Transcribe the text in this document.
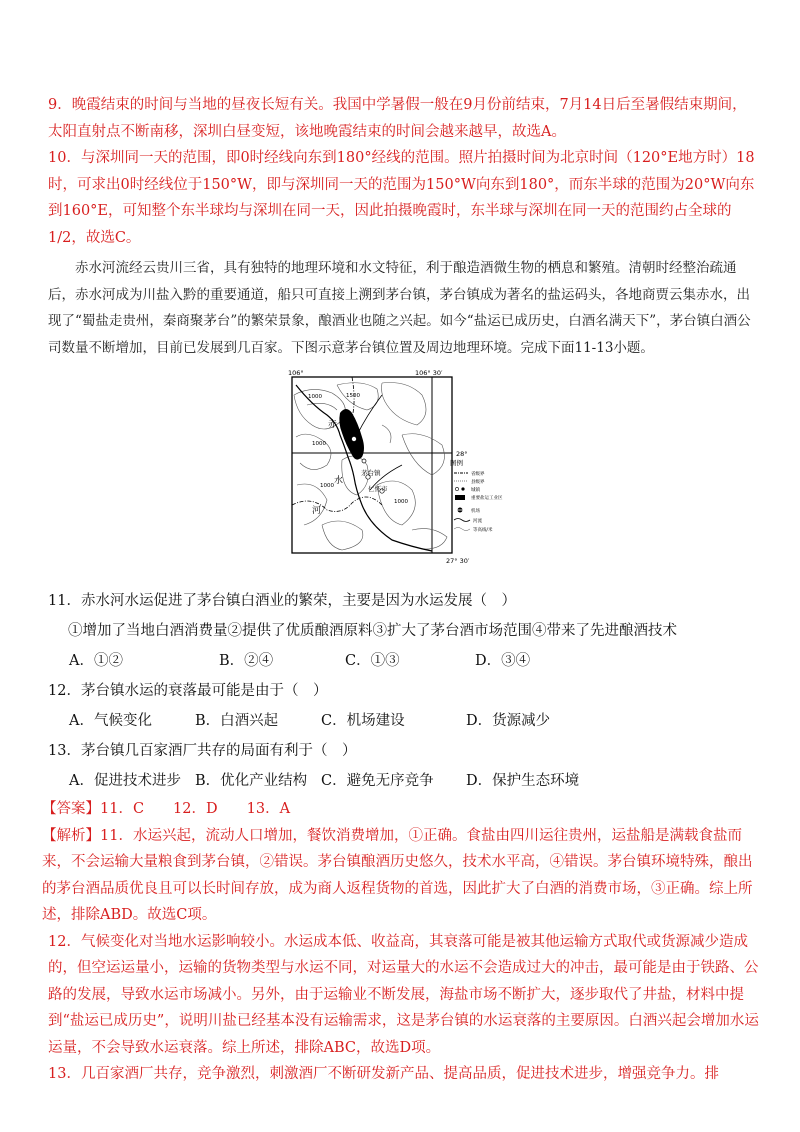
9．晚霞结束的时间与当地的昼夜长短有关。我国中学暑假一般在9月份前结束，7月14日后至暑假结束期间，太阳直射点不断南移，深圳白昼变短，该地晚霞结束的时间会越来越早，故选A。

10．与深圳同一天的范围，即0时经线向东到180°经线的范围。照片拍摄时间为北京时间（120°E地方时）18时，可求出0时经线位于150°W，即与深圳同一天的范围为150°W向东到180°，而东半球的范围为20°W向东到160°E，可知整个东半球均与深圳在同一天，因此拍摄晚霞时，东半球与深圳在同一天的范围约占全球的1/2，故选C。

赤水河流经云贵川三省，具有独特的地理环境和水文特征，利于酿造酒微生物的栖息和繁殖。清朝时经整治疏通后，赤水河成为川盐入黔的重要通道，船只可直接上溯到茅台镇，茅台镇成为著名的盐运码头，各地商贾云集赤水，出现了“蜀盐走贵州，秦商聚茅台”的繁荣景象，酿酒业也随之兴起。如今“盐运已成历史，白酒名满天下”，茅台镇白酒公司数量不断增加，目前已发展到几百家。下图示意茅台镇位置及周边地理环境。完成下面11-13小题。

106°	106° 30′
28°
27° 30′
1000	1500
1000
1000
1000
赤
水
河
茅台镇
仁怀市
图例
省级界
县级界
城镇
重要盐运工业区
机场
河流
等高线/米

11．赤水河水运促进了茅台镇白酒业的繁荣，主要是因为水运发展（　）

①增加了当地白酒消费量②提供了优质酿酒原料③扩大了茅台酒市场范围④带来了先进酿酒技术

A．①②	B．②④	C．①③	D．③④

12．茅台镇水运的衰落最可能是由于（　）

A．气候变化	B．白酒兴起	C．机场建设	D．货源减少

13．茅台镇几百家酒厂共存的局面有利于（　）

A．促进技术进步 B．优化产业结构 C．避免无序竞争	D．保护生态环境

【答案】11．C　　12．D　　13．A

【解析】11．水运兴起，流动人口增加，餐饮消费增加，①正确。食盐由四川运往贵州，运盐船是满载食盐而来，不会运输大量粮食到茅台镇，②错误。茅台镇酿酒历史悠久，技术水平高，④错误。茅台镇环境特殊，酿出的茅台酒品质优良且可以长时间存放，成为商人返程货物的首选，因此扩大了白酒的消费市场，③正确。综上所述，排除ABD。故选C项。

12．气候变化对当地水运影响较小。水运成本低、收益高，其衰落可能是被其他运输方式取代或货源减少造成的，但空运运量小，运输的货物类型与水运不同，对运量大的水运不会造成过大的冲击，最可能是由于铁路、公路的发展，导致水运市场减小。另外，由于运输业不断发展，海盐市场不断扩大，逐步取代了井盐，材料中提到“盐运已成历史”，说明川盐已经基本没有运输需求，这是茅台镇的水运衰落的主要原因。白酒兴起会增加水运运量，不会导致水运衰落。综上所述，排除ABC，故选D项。

13．几百家酒厂共存，竞争激烈，刺激酒厂不断研发新产品、提高品质，促进技术进步，增强竞争力。排
